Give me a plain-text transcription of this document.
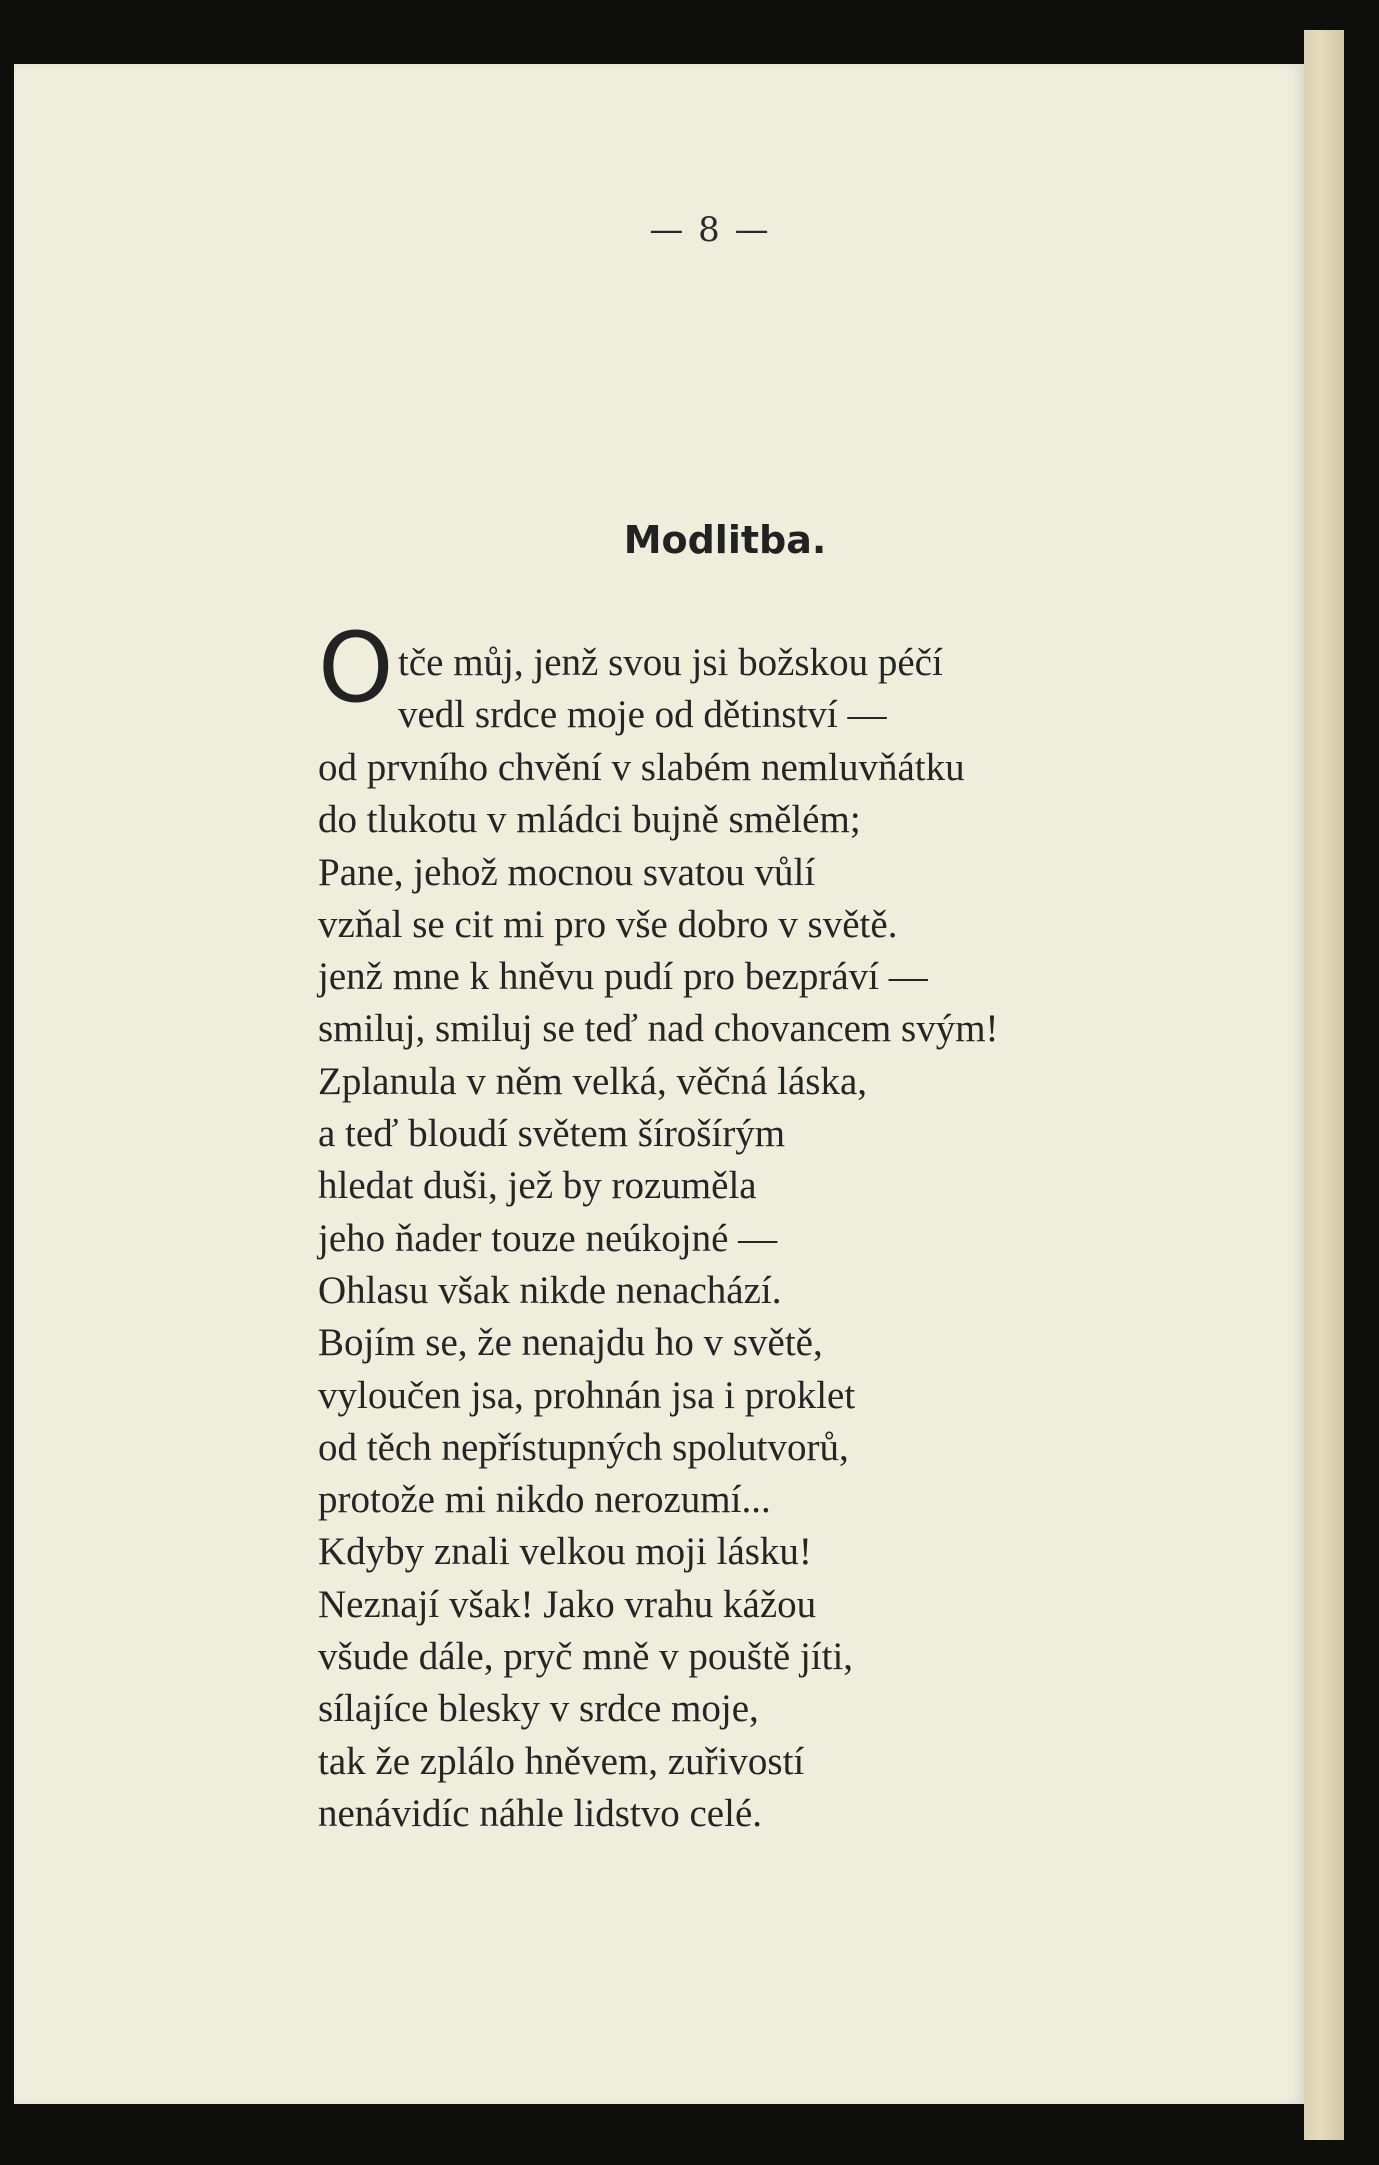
— 8 —
Modlitba.
O tče můj, jenž svou jsi božskou péčí
vedl srdce moje od dětinství —
od prvního chvění v slabém nemluvňátku
do tlukotu v mládci bujně smělém;
Pane, jehož mocnou svatou vůlí
vzňal se cit mi pro vše dobro v světě.
jenž mne k hněvu pudí pro bezpráví —
smiluj, smiluj se teď nad chovancem svým!
Zplanula v něm velká, věčná láska,
a teď bloudí světem šírošírým
hledat duši, jež by rozuměla
jeho ňader touze neúkojné —
Ohlasu však nikde nenachází.
Bojím se, že nenajdu ho v světě,
vyloučen jsa, prohnán jsa i proklet
od těch nepřístupných spolutvorů,
protože mi nikdo nerozumí...
Kdyby znali velkou moji lásku!
Neznají však! Jako vrahu kážou
všude dále, pryč mně v pouště jíti,
sílajíce blesky v srdce moje,
tak že zplálo hněvem, zuřivostí
nenávidíc náhle lidstvo celé.
